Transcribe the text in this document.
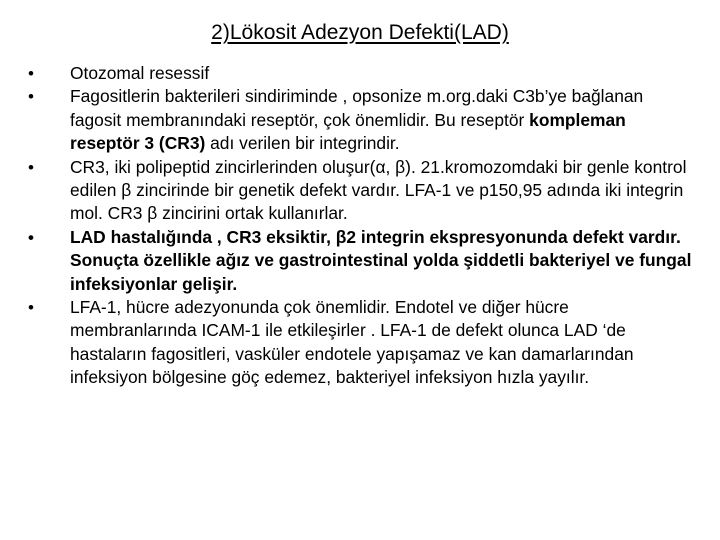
2)Lökosit Adezyon Defekti(LAD)
•	Otozomal resessif
•	Fagositlerin bakterileri sindiriminde , opsonize m.org.daki C3b’ye bağlanan fagosit membranındaki reseptör, çok önemlidir. Bu reseptör kompleman reseptör 3 (CR3) adı verilen bir integrindir.
•	CR3, iki polipeptid zincirlerinden oluşur(α, β). 21.kromozomdaki bir genle kontrol edilen β zincirinde bir genetik defekt vardır. LFA-1 ve p150,95 adında iki integrin mol. CR3 β zincirini ortak kullanırlar.
•	LAD hastalığında , CR3 eksiktir, β2 integrin ekspresyonunda defekt vardır. Sonuçta özellikle ağız ve gastrointestinal yolda şiddetli bakteriyel ve fungal infeksiyonlar gelişir.
•	LFA-1, hücre adezyonunda çok önemlidir. Endotel ve diğer hücre membranlarında ICAM-1 ile etkileşirler . LFA-1 de defekt olunca LAD ‘de hastaların fagositleri, vasküler endotele yapışamaz ve kan damarlarından infeksiyon bölgesine göç edemez, bakteriyel infeksiyon hızla yayılır.
